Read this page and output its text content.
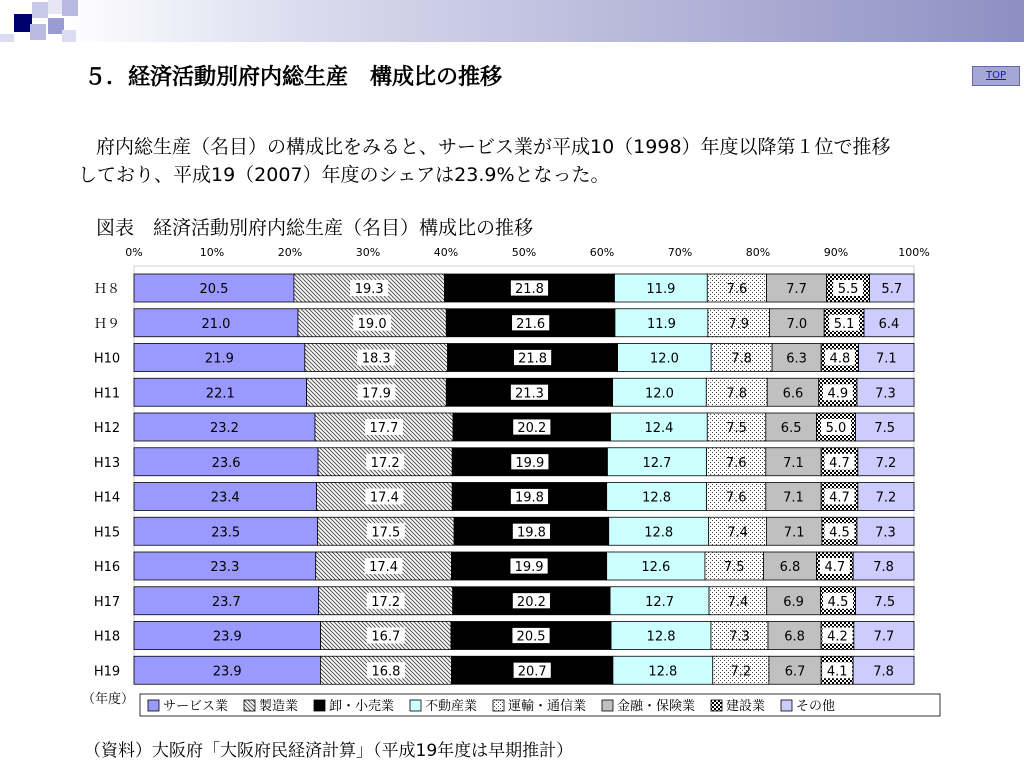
５．経済活動別府内総生産　構成比の推移	TOP
府内総生産（名目）の構成比をみると、サービス業が平成10（1998）年度以降第１位で推移
しており、平成19（2007）年度のシェアは23.9%となった。
図表　経済活動別府内総生産（名目）構成比の推移
0%	10%	20%	30%	40%	50%	60%	70%	80%	90%	100%
Ｈ８	20.5	19.3	21.8	11.9	7.6	7.7 5.5 5.7
Ｈ９	21.0	19.0	21.6	11.9	7.9	7.0 5.1 6.4
H10	21.9	18.3	21.8	12.0	7.8	6.3 4.8 7.1
H11	22.1	17.9	21.3	12.0	7.8	6.6 4.9 7.3
H12	23.2	17.7	20.2	12.4	7.5	6.5 5.0 7.5
H13	23.6	17.2	19.9	12.7	7.6	7.1 4.7 7.2
H14	23.4	17.4	19.8	12.8	7.6	7.1 4.7 7.2
H15	23.5	17.5	19.8	12.8	7.4	7.1 4.5 7.3
H16	23.3	17.4	19.9	12.6	7.5	6.8 4.7 7.8
H17	23.7	17.2	20.2	12.7	7.4	6.9 4.5 7.5
H18	23.9	16.7	20.5	12.8	7.3	6.8 4.2 7.7
H19	23.9	16.8	20.7	12.8	7.2	6.7 4.1 7.8
（年度） サービス業 製造業 卸・小売業 不動産業 運輸・通信業 金融・保険業 建設業 その他
（資料）大阪府「大阪府民経済計算」（平成19年度は早期推計）
